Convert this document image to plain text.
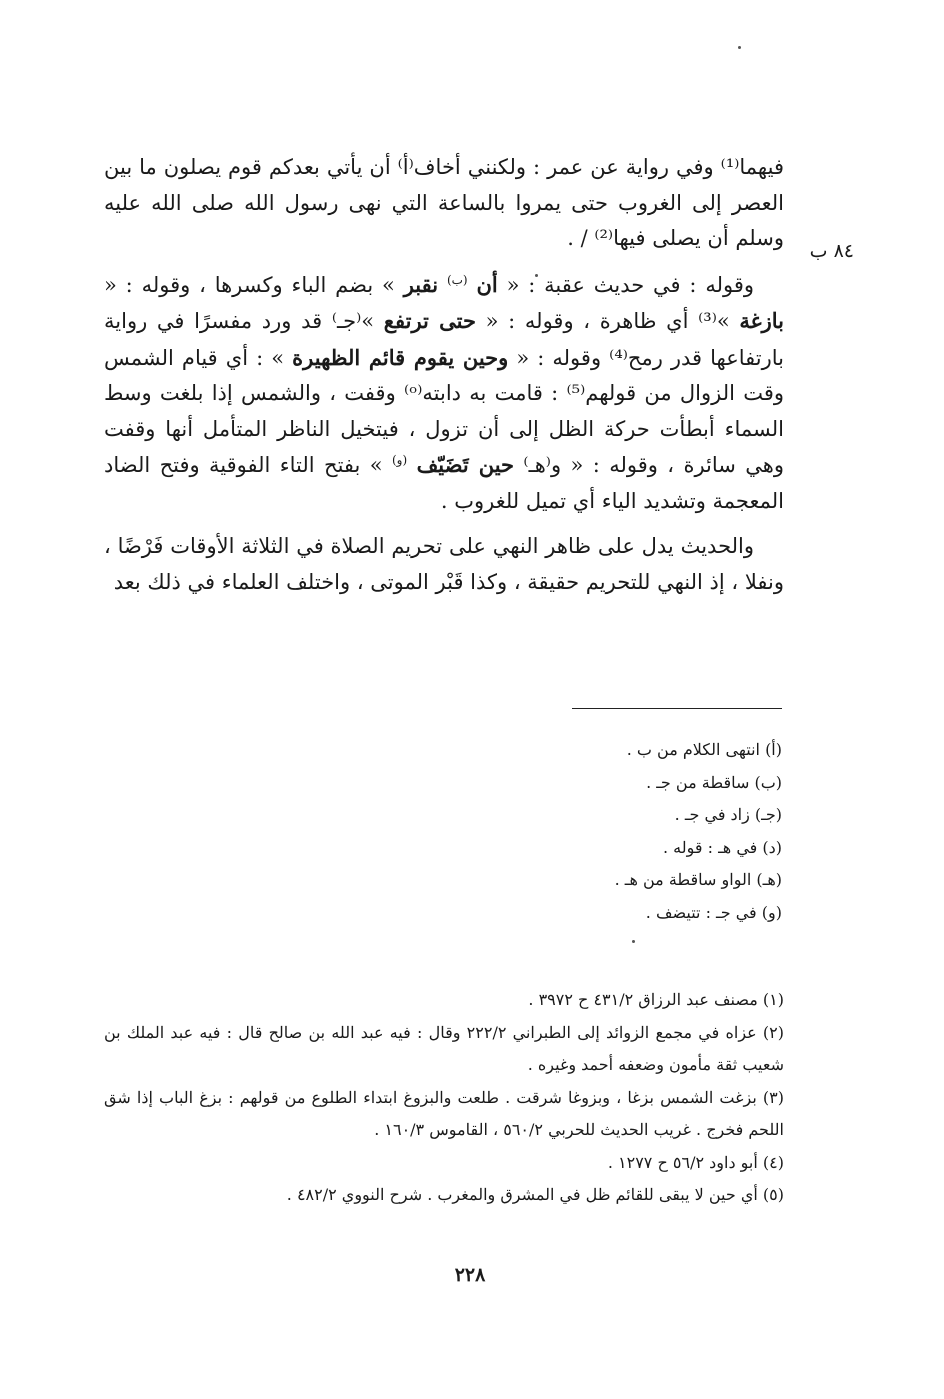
٨٤ ب

فيهما⁽¹⁾ وفي رواية عن عمر : ولكنني أخاف⁽أ⁾ أن يأتي بعدكم قوم يصلون ما بين العصر إلى الغروب حتى يمروا بالساعة التي نهى رسول الله صلى الله عليه وسلم أن يصلى فيها⁽²⁾ / .

وقوله : في حديث عقبة : « أن $^{(ب)}$ نقبر » بضم الباء وكسرها ، وقوله : « بازغة »⁽³⁾ أي ظاهرة ، وقوله : « حتى ترتفع »⁽جـ⁾ قد ورد مفسرًا في رواية بارتفاعها قدر رمح⁽⁴⁾ وقوله : « وحين يقوم قائم الظهيرة » : أي قيام الشمس وقت الزوال من قولهم⁽⁵⁾ : قامت به دابته⁽ᵒ⁾ وقفت ، والشمس إذا بلغت وسط السماء أبطأت حركة الظل إلى أن تزول ، فيتخيل الناظر المتأمل أنها وقفت وهي سائرة ، وقوله : « و⁽هـ⁾ حين تَضَيّف $^{(و)}$ » بفتح التاء الفوقية وفتح الضاد المعجمة وتشديد الياء أي تميل للغروب .

والحديث يدل على ظاهر النهي على تحريم الصلاة في الثلاثة الأوقات فَرْضًا ، ونفلا ، إذ النهي للتحريم حقيقة ، وكذا قَبْر الموتى ، واختلف العلماء في ذلك بعد

(أ) انتهى الكلام من ب .
(ب) ساقطة من جـ .
(جـ) زاد في جـ .
(د) في هـ : قوله .
(هـ) الواو ساقطة من هـ .
(و) في جـ : تتيضف .
(١) مصنف عبد الرزاق ٤٣١/٢ ح ٣٩٧٢ .
(٢) عزاه في مجمع الزوائد إلى الطبراني ٢٢٢/٢ وقال : فيه عبد الله بن صالح قال : فيه عبد الملك بن شعيب ثقة مأمون وضعفه أحمد وغيره .
(٣) بزغت الشمس بزغا ، وبزوغا شرقت . طلعت والبزوغ ابتداء الطلوع من قولهم : بزغ الباب إذا شق اللحم فخرج . غريب الحديث للحربي ٥٦٠/٢ ، القاموس ١٦٠/٣ .
(٤) أبو داود ٥٦/٢ ح ١٢٧٧ .
(٥) أي حين لا يبقى للقائم ظل في المشرق والمغرب . شرح النووي ٤٨٢/٢ .
٢٢٨
